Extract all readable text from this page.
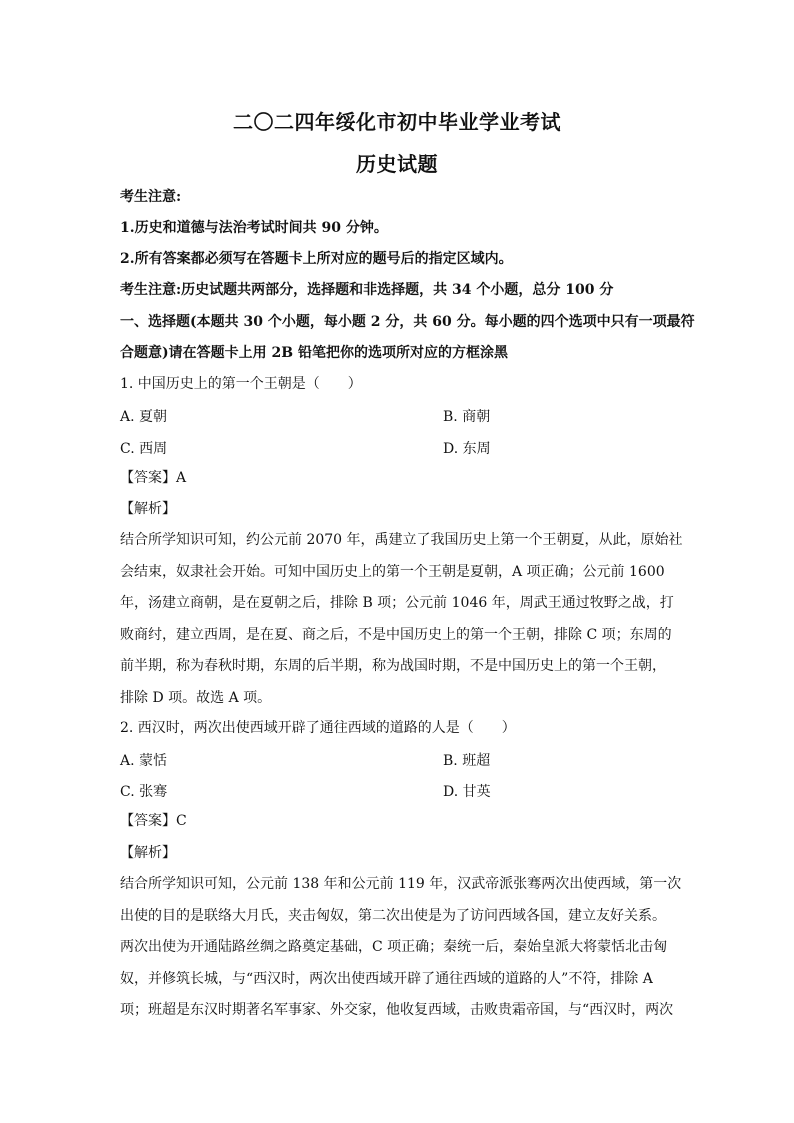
二〇二四年绥化市初中毕业学业考试
历史试题
考生注意:
1.历史和道德与法治考试时间共 90 分钟。
2.所有答案都必须写在答题卡上所对应的题号后的指定区域内。
考生注意:历史试题共两部分，选择题和非选择题，共 34 个小题，总分 100 分
一、选择题(本题共 30 个小题，每小题 2 分，共 60 分。每小题的四个选项中只有一项最符
合题意)请在答题卡上用 2B 铅笔把你的选项所对应的方框涂黑
1. 中国历史上的第一个王朝是（　　）
A. 夏朝	B. 商朝
C. 西周	D. 东周
【答案】A
【解析】
结合所学知识可知，约公元前 2070 年，禹建立了我国历史上第一个王朝夏，从此，原始社
会结束，奴隶社会开始。可知中国历史上的第一个王朝是夏朝，A 项正确；公元前 1600
年，汤建立商朝，是在夏朝之后，排除 B 项；公元前 1046 年，周武王通过牧野之战，打
败商纣，建立西周，是在夏、商之后，不是中国历史上的第一个王朝，排除 C 项；东周的
前半期，称为春秋时期，东周的后半期，称为战国时期，不是中国历史上的第一个王朝，
排除 D 项。故选 A 项。
2. 西汉时，两次出使西域开辟了通往西域的道路的人是（　　）
A. 蒙恬	B. 班超
C. 张骞	D. 甘英
【答案】C
【解析】
结合所学知识可知，公元前 138 年和公元前 119 年，汉武帝派张骞两次出使西域，第一次
出使的目的是联络大月氏，夹击匈奴，第二次出使是为了访问西域各国，建立友好关系。
两次出使为开通陆路丝绸之路奠定基础，C 项正确；秦统一后，秦始皇派大将蒙恬北击匈
奴，并修筑长城，与“西汉时，两次出使西域开辟了通往西域的道路的人”不符，排除 A
项；班超是东汉时期著名军事家、外交家，他收复西域，击败贵霜帝国，与“西汉时，两次
